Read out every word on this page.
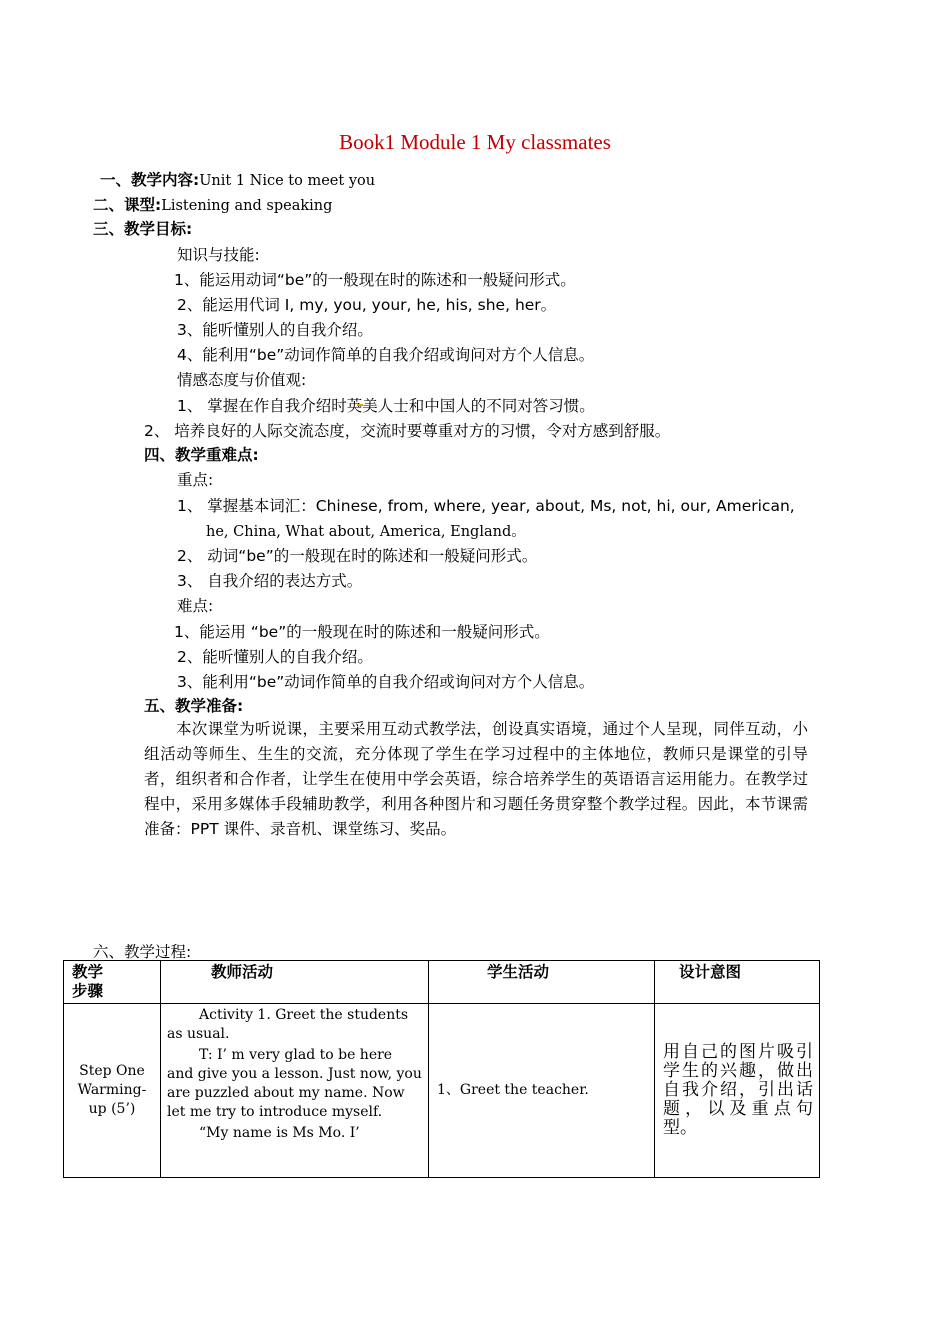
Book1 Module 1 My classmates
一、教学内容:Unit 1 Nice to meet you
二、课型:Listening and speaking
三、教学目标:
知识与技能:
1、能运用动词“be”的一般现在时的陈述和一般疑问形式。
2、能运用代词 I, my, you, your, he, his, she, her。
3、能听懂别人的自我介绍。
4、能利用“be”动词作简单的自我介绍或询问对方个人信息。
情感态度与价值观:
1、 掌握在作自我介绍时英美人士和中国人的不同对答习惯。
2、 培养良好的人际交流态度，交流时要尊重对方的习惯，令对方感到舒服。
四、教学重难点:
重点:
1、 掌握基本词汇：Chinese, from, where, year, about, Ms, not, hi, our, American,
he, China, What about, America, England。
2、 动词“be”的一般现在时的陈述和一般疑问形式。
3、 自我介绍的表达方式。
难点:
1、能运用 “be”的一般现在时的陈述和一般疑问形式。
2、能听懂别人的自我介绍。
3、能利用“be”动词作简单的自我介绍或询问对方个人信息。
五、教学准备:
本次课堂为听说课，主要采用互动式教学法，创设真实语境，通过个人呈现，同伴互动，小组活动等师生、生生的交流，充分体现了学生在学习过程中的主体地位，教师只是课堂的引导者，组织者和合作者，让学生在使用中学会英语，综合培养学生的英语语言运用能力。在教学过程中，采用多媒体手段辅助教学，利用各种图片和习题任务贯穿整个教学过程。因此，本节课需准备：PPT 课件、录音机、课堂练习、奖品。
六、教学过程:
教学步骤	教师活动	学生活动	设计意图

Step One Warming-up (5’)	Activity 1. Greet the students as usual.
T: I’ m very glad to be here and give you a lesson. Just now, you are puzzled about my name. Now let me try to introduce myself.
“My name is Ms Mo. I’	1、Greet the teacher.	用自己的图片吸引学生的兴趣，做出自我介绍，引出话题，以及重点句型。
